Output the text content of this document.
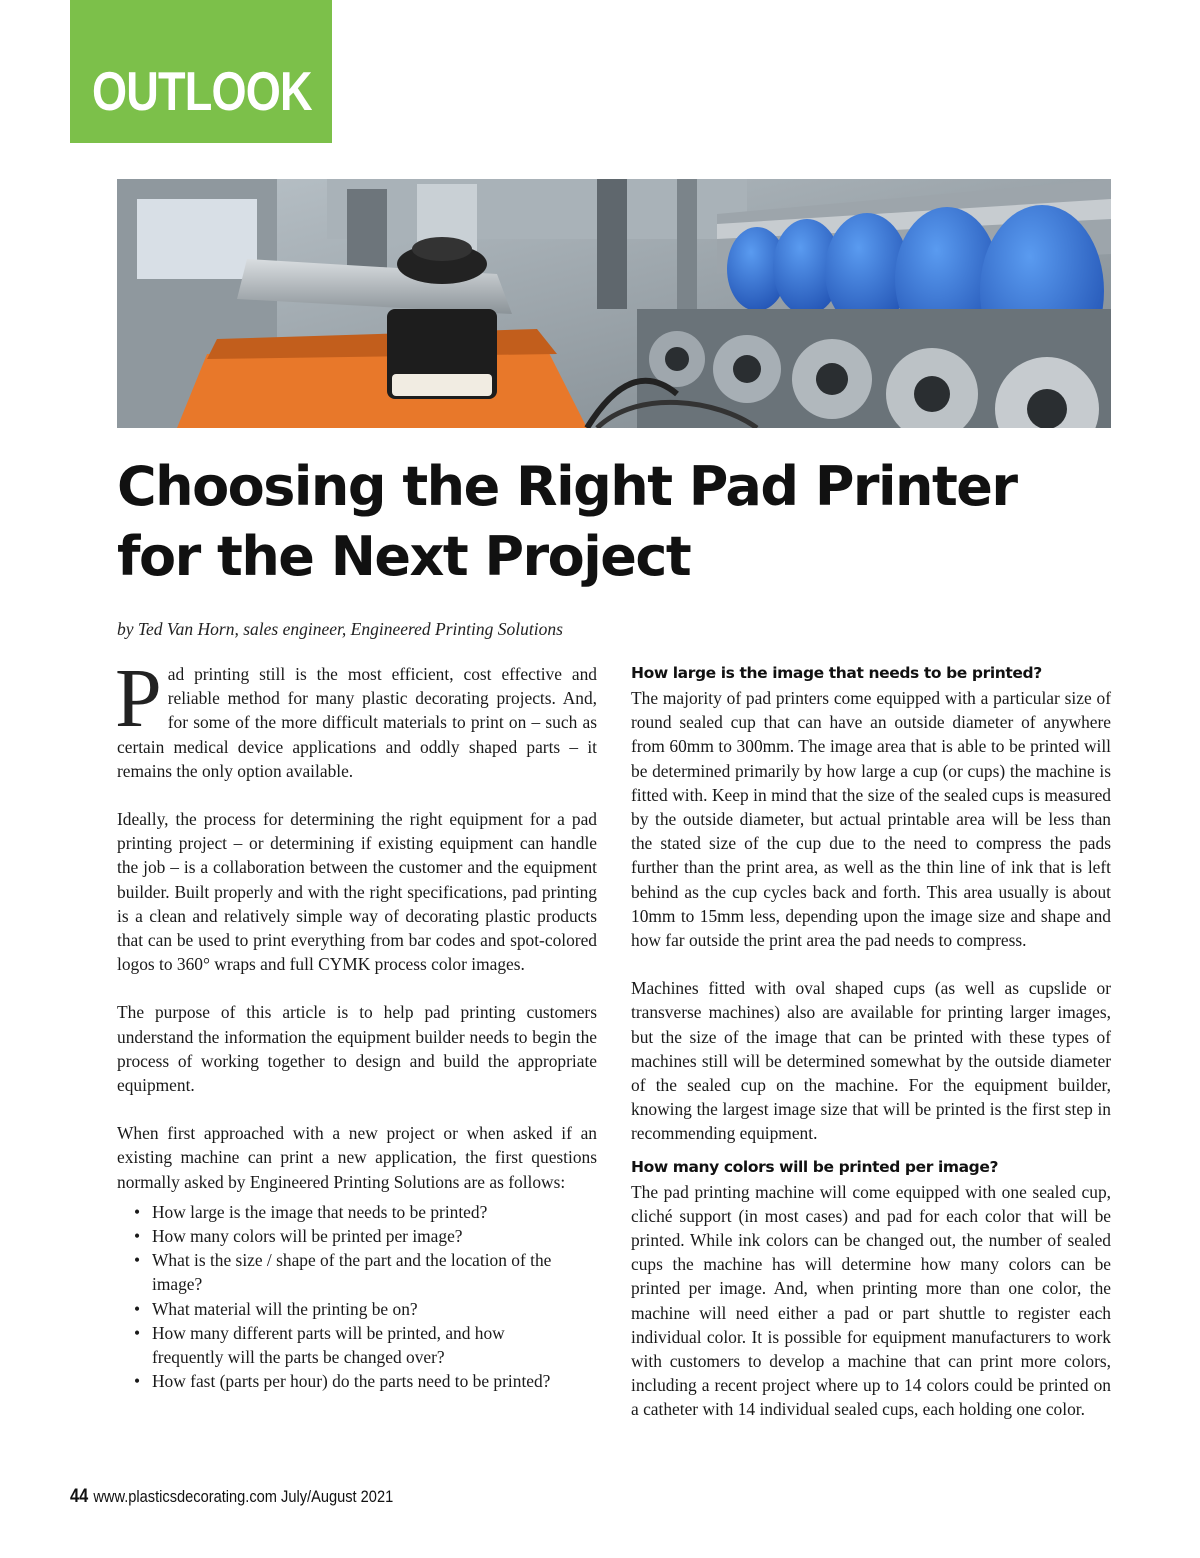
OUTLOOK
Choosing the Right Pad Printer
for the Next Project
by Ted Van Horn, sales engineer, Engineered Printing Solutions

Pad printing still is the most efficient, cost effective and reliable method for many plastic decorating projects. And, for some of the more difficult materials to print on – such as certain medical device applications and oddly shaped parts – it remains the only option available.

Ideally, the process for determining the right equipment for a pad printing project – or determining if existing equipment can handle the job – is a collaboration between the customer and the equipment builder. Built properly and with the right specifications, pad printing is a clean and relatively simple way of decorating plastic products that can be used to print everything from bar codes and spot-colored logos to 360° wraps and full CYMK process color images.

The purpose of this article is to help pad printing customers understand the information the equipment builder needs to begin the process of working together to design and build the appropriate equipment.

When first approached with a new project or when asked if an existing machine can print a new application, the first questions normally asked by Engineered Printing Solutions are as follows:

• How large is the image that needs to be printed?
• How many colors will be printed per image?
• What is the size / shape of the part and the location of the image?
• What material will the printing be on?
• How many different parts will be printed, and how frequently will the parts be changed over?
• How fast (parts per hour) do the parts need to be printed?
How large is the image that needs to be printed?

The majority of pad printers come equipped with a particular size of round sealed cup that can have an outside diameter of anywhere from 60mm to 300mm. The image area that is able to be printed will be determined primarily by how large a cup (or cups) the machine is fitted with. Keep in mind that the size of the sealed cups is measured by the outside diameter, but actual printable area will be less than the stated size of the cup due to the need to compress the pads further than the print area, as well as the thin line of ink that is left behind as the cup cycles back and forth. This area usually is about 10mm to 15mm less, depending upon the image size and shape and how far outside the print area the pad needs to compress.

Machines fitted with oval shaped cups (as well as cupslide or transverse machines) also are available for printing larger images, but the size of the image that can be printed with these types of machines still will be determined somewhat by the outside diameter of the sealed cup on the machine. For the equipment builder, knowing the largest image size that will be printed is the first step in recommending equipment.

How many colors will be printed per image?

The pad printing machine will come equipped with one sealed cup, cliché support (in most cases) and pad for each color that will be printed. While ink colors can be changed out, the number of sealed cups the machine has will determine how many colors can be printed per image. And, when printing more than one color, the machine will need either a pad or part shuttle to register each individual color. It is possible for equipment manufacturers to work with customers to develop a machine that can print more colors, including a recent project where up to 14 colors could be printed on a catheter with 14 individual sealed cups, each holding one color.

44 www.plasticsdecorating.com July/August 2021
